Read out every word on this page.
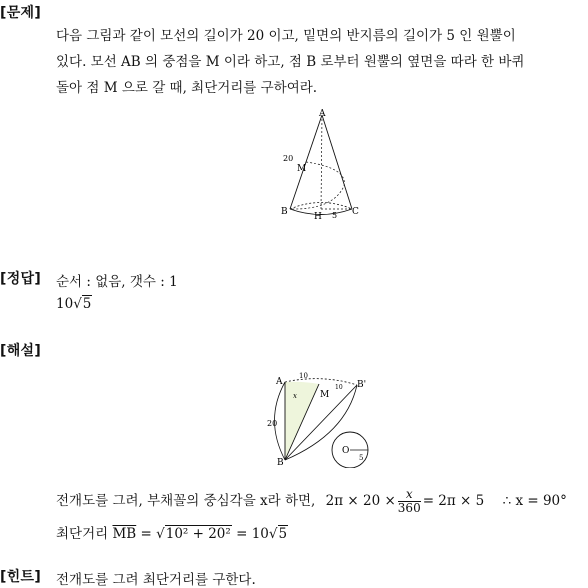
[문제]
다음 그림과 같이 모선의 길이가 20 이고, 밑면의 반지름의 길이가 5 인 원뿔이
있다. 모선 AB 의 중점을 M 이라 하고, 점 B 로부터 원뿔의 옆면을 따라 한 바퀴
돌아 점 M 으로 갈 때, 최단거리를 구하여라.
A
20
M
B	H 5 C
[정답] 순서 : 없음, 갯수 : 1
10√5
[해설]
A
10
x	M
10 B'
20
B
O
5
전개도를 그려, 부채꼴의 중심각을 x라 하면, $2\pi \times 20 \times \frac{x}{360} = 2\pi \times 5$ ∴ x = 90°
최단거리 $\overline{MB} = √10^2 + 20^2 = 10√5$
[힌트] 전개도를 그려 최단거리를 구한다.
